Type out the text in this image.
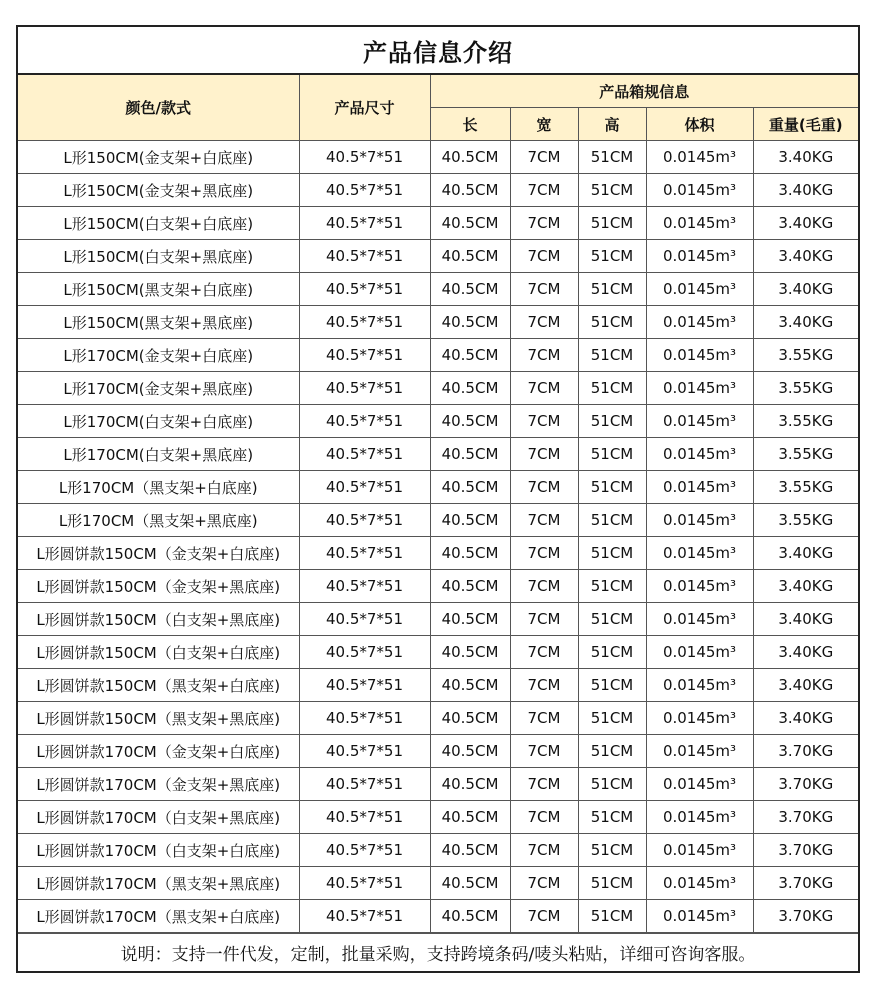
产品信息介绍
颜色/款式	产品尺寸	产品箱规信息				
		长	宽	高	体积	重量(毛重)
L形150CM(金支架+白底座)	40.5*7*51	40.5CM	7CM	51CM	0.0145m³	3.40KG
L形150CM(金支架+黑底座)	40.5*7*51	40.5CM	7CM	51CM	0.0145m³	3.40KG
L形150CM(白支架+白底座)	40.5*7*51	40.5CM	7CM	51CM	0.0145m³	3.40KG
L形150CM(白支架+黑底座)	40.5*7*51	40.5CM	7CM	51CM	0.0145m³	3.40KG
L形150CM(黑支架+白底座)	40.5*7*51	40.5CM	7CM	51CM	0.0145m³	3.40KG
L形150CM(黑支架+黑底座)	40.5*7*51	40.5CM	7CM	51CM	0.0145m³	3.40KG
L形170CM(金支架+白底座)	40.5*7*51	40.5CM	7CM	51CM	0.0145m³	3.55KG
L形170CM(金支架+黑底座)	40.5*7*51	40.5CM	7CM	51CM	0.0145m³	3.55KG
L形170CM(白支架+白底座)	40.5*7*51	40.5CM	7CM	51CM	0.0145m³	3.55KG
L形170CM(白支架+黑底座)	40.5*7*51	40.5CM	7CM	51CM	0.0145m³	3.55KG
L形170CM（黑支架+白底座)	40.5*7*51	40.5CM	7CM	51CM	0.0145m³	3.55KG
L形170CM（黑支架+黑底座)	40.5*7*51	40.5CM	7CM	51CM	0.0145m³	3.55KG
L形圆饼款150CM（金支架+白底座)	40.5*7*51	40.5CM	7CM	51CM	0.0145m³	3.40KG
L形圆饼款150CM（金支架+黑底座)	40.5*7*51	40.5CM	7CM	51CM	0.0145m³	3.40KG
L形圆饼款150CM（白支架+黑底座)	40.5*7*51	40.5CM	7CM	51CM	0.0145m³	3.40KG
L形圆饼款150CM（白支架+白底座)	40.5*7*51	40.5CM	7CM	51CM	0.0145m³	3.40KG
L形圆饼款150CM（黑支架+白底座)	40.5*7*51	40.5CM	7CM	51CM	0.0145m³	3.40KG
L形圆饼款150CM（黑支架+黑底座)	40.5*7*51	40.5CM	7CM	51CM	0.0145m³	3.40KG
L形圆饼款170CM（金支架+白底座)	40.5*7*51	40.5CM	7CM	51CM	0.0145m³	3.70KG
L形圆饼款170CM（金支架+黑底座)	40.5*7*51	40.5CM	7CM	51CM	0.0145m³	3.70KG
L形圆饼款170CM（白支架+黑底座)	40.5*7*51	40.5CM	7CM	51CM	0.0145m³	3.70KG
L形圆饼款170CM（白支架+白底座)	40.5*7*51	40.5CM	7CM	51CM	0.0145m³	3.70KG
L形圆饼款170CM（黑支架+黑底座)	40.5*7*51	40.5CM	7CM	51CM	0.0145m³	3.70KG
L形圆饼款170CM（黑支架+白底座)	40.5*7*51	40.5CM	7CM	51CM	0.0145m³	3.70KG
说明：支持一件代发，定制，批量采购，支持跨境条码/唛头粘贴，详细可咨询客服。
